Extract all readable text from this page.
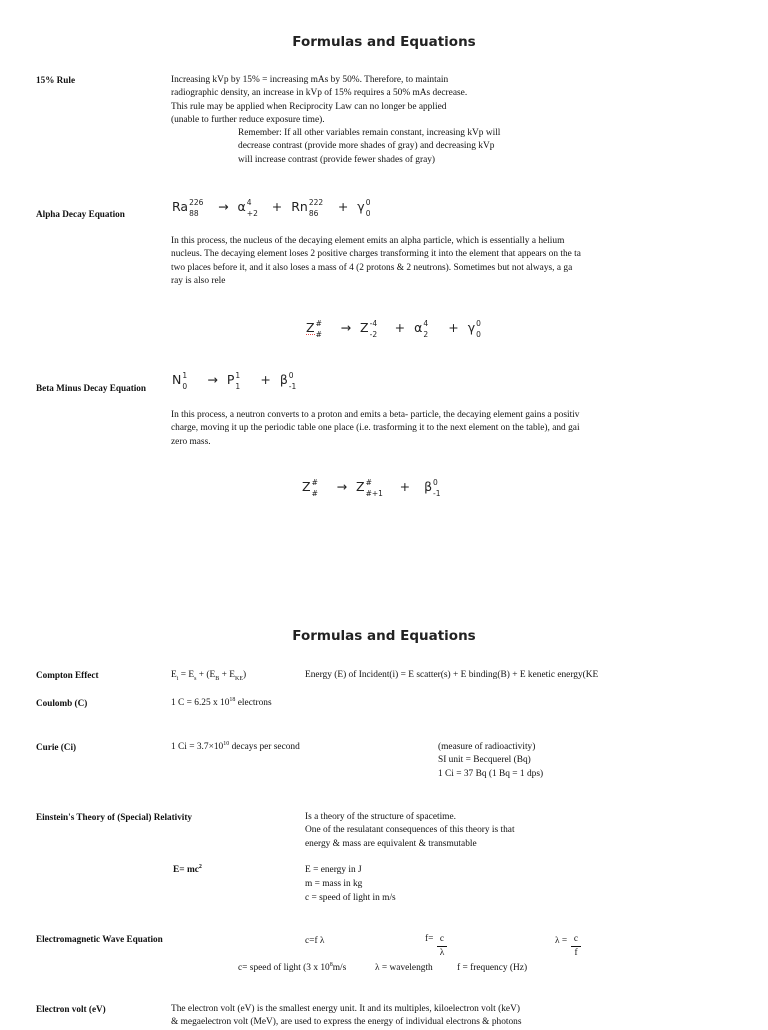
Formulas and Equations
15% Rule	Increasing kVp by 15% = increasing mAs by 50%. Therefore, to maintain
radiographic density, an increase in kVp of 15% requires a 50% mAs decrease.
This rule may be applied when Reciprocity Law can no longer be applied
(unable to further reduce exposure time).
Remember: If all other variables remain constant, increasing kVp will
decrease contrast (provide more shades of gray) and decreasing kVp
will increase contrast (provide fewer shades of gray)
Alpha Decay Equation
Ra 226
88 → α 4
+2 + Rn 222
86 + γ 0
0
In this process, the nucleus of the decaying element emits an alpha particle, which is essentially a helium
nucleus. The decaying element loses 2 positive charges transforming it into the element that appears on the ta
two places before it, and it also loses a mass of 4 (2 protons & 2 neutrons). Sometimes but not always, a ga
ray is also rele
Z #
# → Z -4
-2 + α 4
2 + γ 0
0
Beta Minus Decay Equation
N 1
0 → P 1
1 + β 0
-1
In this process, a neutron converts to a proton and emits a beta- particle, the decaying element gains a positiv
charge, moving it up the periodic table one place (i.e. trasforming it to the next element on the table), and gai
zero mass.
Z #
# → Z #
#+1 + β 0
-1
Formulas and Equations
Compton Effect	$E_i = E_s + (E_B + E_{KE})$	Energy (E) of Incident(i) = E scatter(s) + E binding(B) + E kenetic energy(KE
Coulomb (C)	1 C = 6.25 x $10^{18}$ electrons
Curie (Ci)	1 $Ci = 3.7\times 10^{10}$ decays per second	(measure of radioactivity)
SI unit = Becquerel (Bq)
1 Ci = 37 Bq (1 Bq = 1 dps)
Einstein's Theory of (Special) Relativity	Is a theory of the structure of spacetime.
One of the resulatant consequences of this theory is that
energy & mass are equivalent & transmutable
$E= mc^2$	E = energy in J
m = mass in kg
c = speed of light in m/s
Electromagnetic Wave Equation	c=f λ	$f= \frac{c}{\lambda}$	$\lambda = \frac{c}{f}$
c= speed of light (3 x $10^8m/s$	λ = wavelength	f = frequency (Hz)
Electron volt (eV)	The electron volt (eV) is the smallest energy unit. It and its multiples, kiloelectron volt (keV)
& megaelectron volt (MeV), are used to express the energy of individual electrons & photons
